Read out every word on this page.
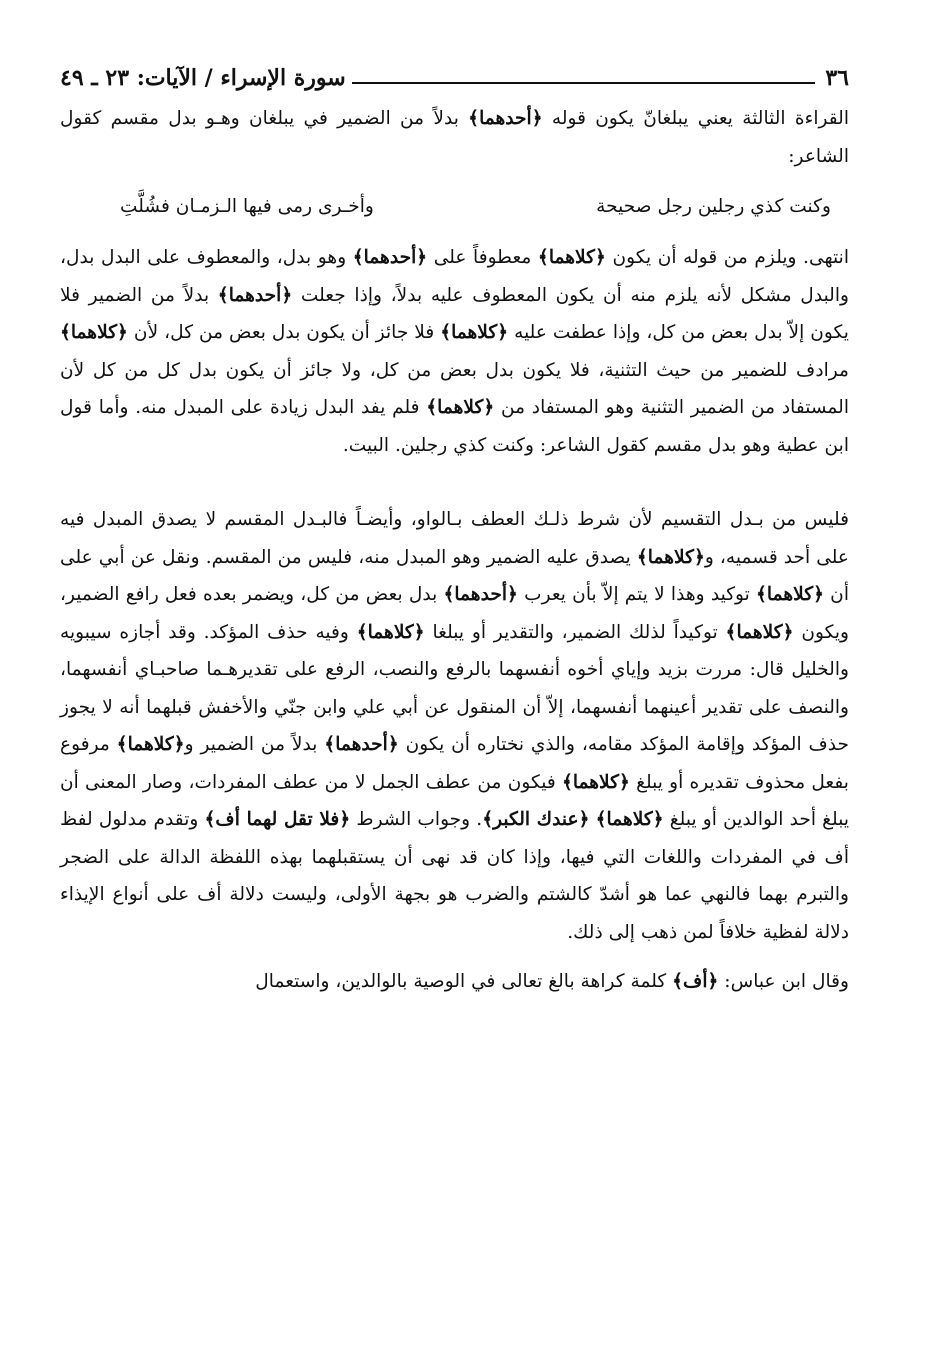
٣٦
سورة الإسراء / الآيات: ٢٣ ـ ٤٩

القراءة الثالثة يعني يبلغانّ يكون قوله ﴿أحدهما﴾ بدلاً من الضمير في يبلغان وهـو بدل مقسم كقول الشاعر:

وكنت كذي رجلين رجل صحيحة
وأخـرى رمى فيها الـزمـان فشُلَّتِ

انتهى. ويلزم من قوله أن يكون ﴿كلاهما﴾ معطوفاً على ﴿أحدهما﴾ وهو بدل، والمعطوف على البدل بدل، والبدل مشكل لأنه يلزم منه أن يكون المعطوف عليه بدلاً، وإذا جعلت ﴿أحدهما﴾ بدلاً من الضمير فلا يكون إلاّ بدل بعض من كل، وإذا عطفت عليه ﴿كلاهما﴾ فلا جائز أن يكون بدل بعض من كل، لأن ﴿كلاهما﴾ مرادف للضمير من حيث التثنية، فلا يكون بدل بعض من كل، ولا جائز أن يكون بدل كل من كل لأن المستفاد من الضمير التثنية وهو المستفاد من ﴿كلاهما﴾ فلم يفد البدل زيادة على المبدل منه. وأما قول ابن عطية وهو بدل مقسم كقول الشاعر: وكنت كذي رجلين. البيت.

فليس من بـدل التقسيم لأن شرط ذلـك العطف بـالواو، وأيضـاً فالبـدل المقسم لا يصدق المبدل فيه على أحد قسميه، و﴿كلاهما﴾ يصدق عليه الضمير وهو المبدل منه، فليس من المقسم. ونقل عن أبي على أن ﴿كلاهما﴾ توكيد وهذا لا يتم إلاّ بأن يعرب ﴿أحدهما﴾ بدل بعض من كل، ويضمر بعده فعل رافع الضمير، ويكون ﴿كلاهما﴾ توكيداً لذلك الضمير، والتقدير أو يبلغا ﴿كلاهما﴾ وفيه حذف المؤكد. وقد أجازه سيبويه والخليل قال: مررت بزيد وإياي أخوه أنفسهما بالرفع والنصب، الرفع على تقديرهـما صاحبـاي أنفسهما، والنصف على تقدير أعينهما أنفسهما، إلاّ أن المنقول عن أبي علي وابن جنّي والأخفش قبلهما أنه لا يجوز حذف المؤكد وإقامة المؤكد مقامه، والذي نختاره أن يكون ﴿أحدهما﴾ بدلاً من الضمير و﴿كلاهما﴾ مرفوع بفعل محذوف تقديره أو يبلغ ﴿كلاهما﴾ فيكون من عطف الجمل لا من عطف المفردات، وصار المعنى أن يبلغ أحد الوالدين أو يبلغ ﴿كلاهما﴾ ﴿عندك الكبر﴾. وجواب الشرط ﴿فلا تقل لهما أف﴾ وتقدم مدلول لفظ أف في المفردات واللغات التي فيها، وإذا كان قد نهى أن يستقبلهما بهذه اللفظة الدالة على الضجر والتبرم بهما فالنهي عما هو أشدّ كالشتم والضرب هو بجهة الأولى، وليست دلالة أف على أنواع الإيذاء دلالة لفظية خلافاً لمن ذهب إلى ذلك.

وقال ابن عباس: ﴿أف﴾ كلمة كراهة بالغ تعالى في الوصية بالوالدين، واستعمال
